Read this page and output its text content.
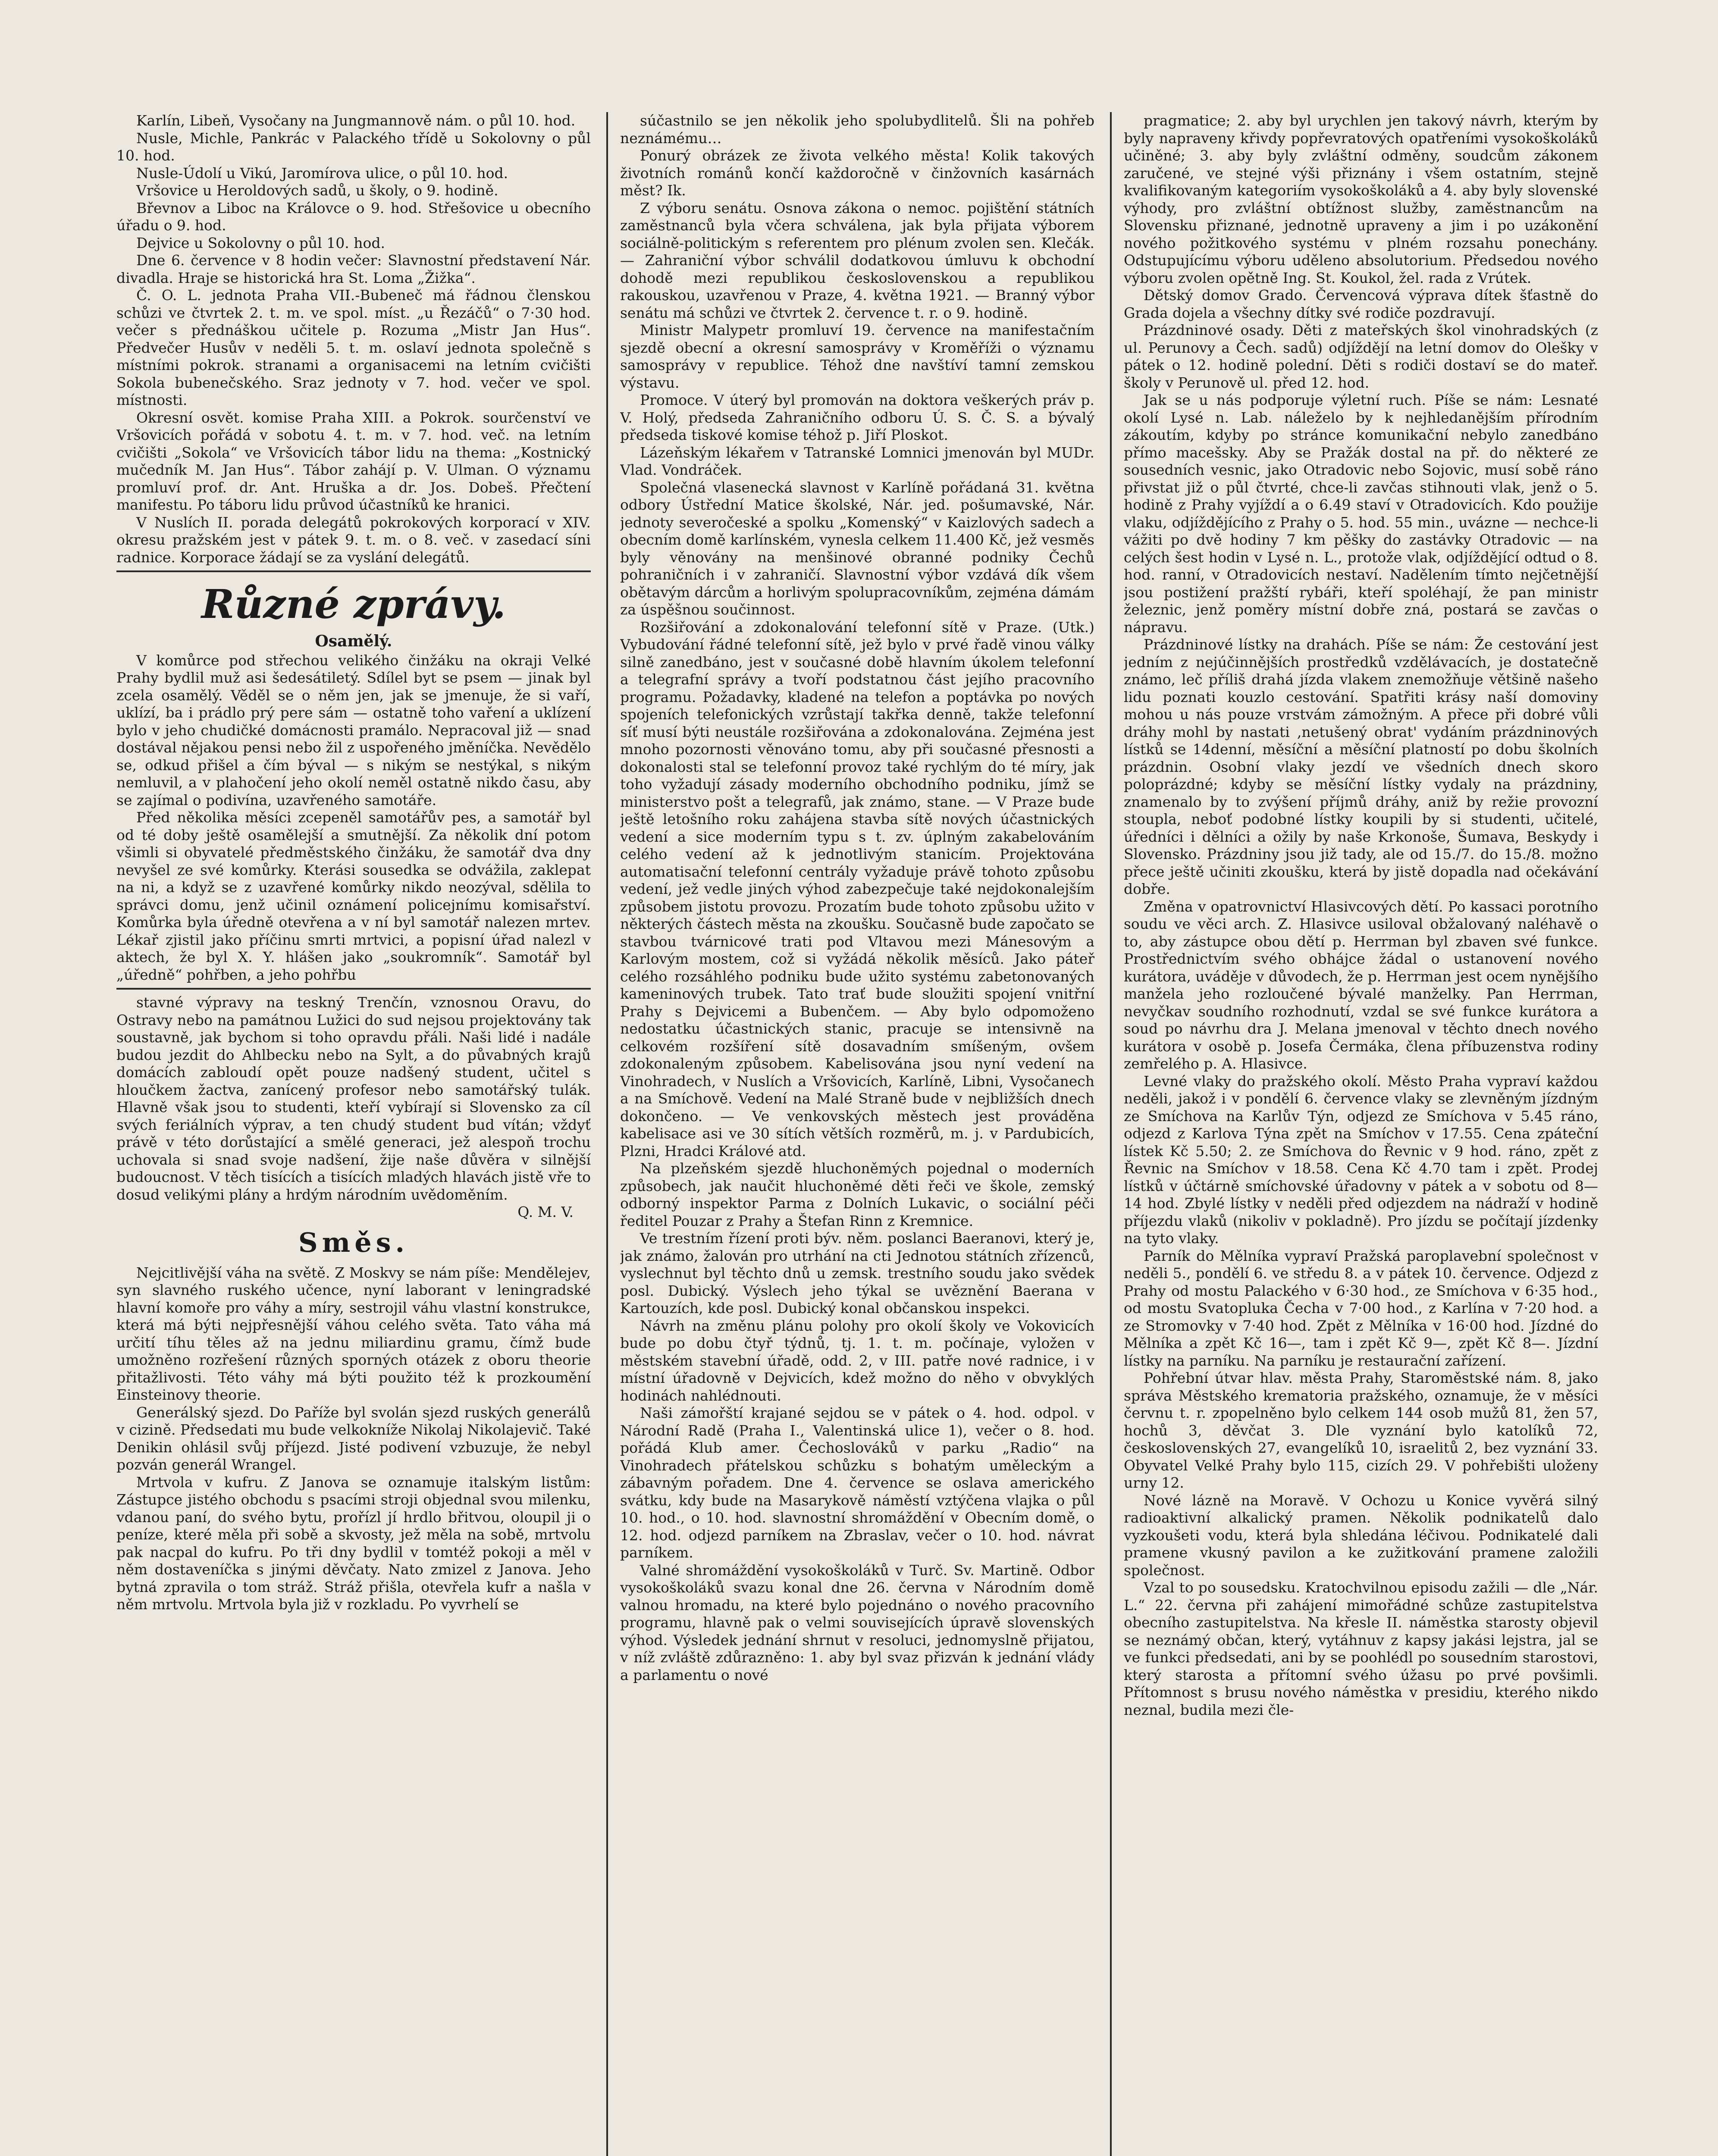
Karlín, Libeň, Vysočany na Jungmannově nám. o půl 10. hod.

Nusle, Michle, Pankrác v Palackého třídě u Sokolovny o půl 10. hod.

Nusle-Údolí u Vikú, Jaromírova ulice, o půl 10. hod.

Vršovice u Heroldových sadů, u školy, o 9. hodině.

Břevnov a Liboc na Královce o 9. hod. Střešovice u obecního úřadu o 9. hod.

Dejvice u Sokolovny o půl 10. hod.

Dne 6. července v 8 hodin večer: Slavnostní představení Nár. divadla. Hraje se historická hra St. Loma „Žižka“.

Č. O. L. jednota Praha VII.-Bubeneč má řádnou členskou schůzi ve čtvrtek 2. t. m. ve spol. míst. „u Řezáčů“ o 7·30 hod. večer s přednáškou učitele p. Rozuma „Mistr Jan Hus“. Předvečer Husův v neděli 5. t. m. oslaví jednota společně s místními pokrok. stranami a organisacemi na letním cvičišti Sokola bubenečského. Sraz jednoty v 7. hod. večer ve spol. místnosti.

Okresní osvět. komise Praha XIII. a Pokrok. sourčenství ve Vršovicích pořádá v sobotu 4. t. m. v 7. hod. več. na letním cvičišti „Sokola“ ve Vršovicích tábor lidu na thema: „Kostnický mučedník M. Jan Hus“. Tábor zahájí p. V. Ulman. O významu promluví prof. dr. Ant. Hruška a dr. Jos. Dobeš. Přečtení manifestu. Po táboru lidu průvod účastníků ke hranici.

V Nuslích II. porada delegátů pokrokových korporací v XIV. okresu pražském jest v pátek 9. t. m. o 8. več. v zasedací síni radnice. Korporace žádají se za vyslání delegátů.

Různé zprávy.

Osamělý.

V komůrce pod střechou velikého činžáku na okraji Velké Prahy bydlil muž asi šedesátiletý. Sdílel byt se psem — jinak byl zcela osamělý. Věděl se o něm jen, jak se jmenuje, že si vaří, uklízí, ba i prádlo prý pere sám — ostatně toho vaření a uklízení bylo v jeho chudičké domácnosti pramálo. Nepracoval již — snad dostával nějakou pensi nebo žil z uspořeného jměníčka. Nevědělo se, odkud přišel a čím býval — s nikým se nestýkal, s nikým nemluvil, a v plahočení jeho okolí neměl ostatně nikdo času, aby se zajímal o podivína, uzavřeného samotáře.

Před několika měsíci zcepeněl samotářův pes, a samotář byl od té doby ještě osamělejší a smutnější. Za několik dní potom všimli si obyvatelé předměstského činžáku, že samotář dva dny nevyšel ze své komůrky. Kterási sousedka se odvážila, zaklepat na ni, a když se z uzavřené komůrky nikdo neozýval, sdělila to správci domu, jenž učinil oznámení policejnímu komisařství. Komůrka byla úředně otevřena a v ní byl samotář nalezen mrtev. Lékař zjistil jako příčinu smrti mrtvici, a popisní úřad nalezl v aktech, že byl X. Y. hlášen jako „soukromník“. Samotář byl „úředně“ pohřben, a jeho pohřbu

stavné výpravy na teskný Trenčín, vznosnou Oravu, do Ostravy nebo na památnou Lužici do sud nejsou projektovány tak soustavně, jak bychom si toho opravdu přáli. Naši lidé i nadále budou jezdit do Ahlbecku nebo na Sylt, a do půvabných krajů domácích zabloudí opět pouze nadšený student, učitel s hloučkem žactva, zanícený profesor nebo samotářský tulák. Hlavně však jsou to studenti, kteří vybírají si Slovensko za cíl svých feriálních výprav, a ten chudý student bud vítán; vždyť právě v této dorůstající a smělé generaci, jež alespoň trochu uchovala si snad svoje nadšení, žije naše důvěra v silnější budoucnost. V těch tisících a tisících mladých hlavách jistě vře to dosud velikými plány a hrdým národním uvědoměním.

Q. M. V.

Směs.

Nejcitlivější váha na světě. Z Moskvy se nám píše: Mendělejev, syn slavného ruského učence, nyní laborant v leningradské hlavní komoře pro váhy a míry, sestrojil váhu vlastní konstrukce, která má býti nejpřesnější váhou celého světa. Tato váha má určití tíhu těles až na jednu miliardinu gramu, čímž bude umožněno rozřešení různých sporných otázek z oboru theorie přitažlivosti. Této váhy má býti použito též k prozkoumění Einsteinovy theorie.

Generálský sjezd. Do Paříže byl svolán sjezd ruských generálů v cizině. Předsedati mu bude velkokníže Nikolaj Nikolajevič. Také Denikin ohlásil svůj příjezd. Jisté podivení vzbuzuje, že nebyl pozván generál Wrangel.

Mrtvola v kufru. Z Janova se oznamuje italským listům: Zástupce jistého obchodu s psacími stroji objednal svou milenku, vdanou paní, do svého bytu, prořízl jí hrdlo břitvou, oloupil ji o peníze, které měla při sobě a skvosty, jež měla na sobě, mrtvolu pak nacpal do kufru. Po tři dny bydlil v tomtéž pokoji a měl v něm dostaveníčka s jinými děvčaty. Nato zmizel z Janova. Jeho bytná zpravila o tom stráž. Stráž přišla, otevřela kufr a našla v něm mrtvolu. Mrtvola byla již v rozkladu. Po vyvrhelí se

súčastnilo se jen několik jeho spolubydlitelů. Šli na pohřeb neznámému…

Ponurý obrázek ze života velkého města! Kolik takových životních románů končí každoročně v činžovních kasárnách měst? Ik.

Z výboru senátu. Osnova zákona o nemoc. pojištění státních zaměstnanců byla včera schválena, jak byla přijata výborem sociálně-politickým s referentem pro plénum zvolen sen. Klečák. — Zahraniční výbor schválil dodatkovou úmluvu k obchodní dohodě mezi republikou československou a republikou rakouskou, uzavřenou v Praze, 4. května 1921. — Branný výbor senátu má schůzi ve čtvrtek 2. července t. r. o 9. hodině.

Ministr Malypetr promluví 19. července na manifestačním sjezdě obecní a okresní samosprávy v Kroměříži o významu samosprávy v republice. Téhož dne navštíví tamní zemskou výstavu.

Promoce. V úterý byl promován na doktora veškerých práv p. V. Holý, předseda Zahraničního odboru Ú. S. Č. S. a bývalý předseda tiskové komise téhož p. Jiří Ploskot.

Lázeňským lékařem v Tatranské Lomnici jmenován byl MUDr. Vlad. Vondráček.

Společná vlasenecká slavnost v Karlíně pořádaná 31. května odbory Ústřední Matice školské, Nár. jed. pošumavské, Nár. jednoty severočeské a spolku „Komenský“ v Kaizlových sadech a obecním domě karlínském, vynesla celkem 11.400 Kč, jež vesměs byly věnovány na menšinové obranné podniky Čechů pohraničních i v zahraničí. Slavnostní výbor vzdává dík všem obětavým dárcům a horlivým spolupracovníkům, zejména dámám za úspěšnou součinnost.

Rozšiřování a zdokonalování telefonní sítě v Praze. (Utk.) Vybudování řádné telefonní sítě, jež bylo v prvé řadě vinou války silně zanedbáno, jest v současné době hlavním úkolem telefonní a telegrafní správy a tvoří podstatnou část jejího pracovního programu. Požadavky, kladené na telefon a poptávka po nových spojeních telefonických vzrůstají takřka denně, takže telefonní síť musí býti neustále rozšiřována a zdokonalována. Zejména jest mnoho pozornosti věnováno tomu, aby při současné přesnosti a dokonalosti stal se telefonní provoz také rychlým do té míry, jak toho vyžadují zásady moderního obchodního podniku, jímž se ministerstvo pošt a telegrafů, jak známo, stane. — V Praze bude ještě letošního roku zahájena stavba sítě nových účastnických vedení a sice moderním typu s t. zv. úplným zakabelováním celého vedení až k jednotlivým stanicím. Projektována automatisační telefonní centrály vyžaduje právě tohoto způsobu vedení, jež vedle jiných výhod zabezpečuje také nejdokonalejším způsobem jistotu provozu. Prozatím bude tohoto způsobu užito v některých částech města na zkoušku. Současně bude započato se stavbou tvárnicové trati pod Vltavou mezi Mánesovým a Karlovým mostem, což si vyžádá několik měsíců. Jako páteř celého rozsáhlého podniku bude užito systému zabetonovaných kameninových trubek. Tato trať bude sloužiti spojení vnitřní Prahy s Dejvicemi a Bubenčem. — Aby bylo odpomoženo nedostatku účastnických stanic, pracuje se intensivně na celkovém rozšíření sítě dosavadním smíšeným, ovšem zdokonaleným způsobem. Kabelisována jsou nyní vedení na Vinohradech, v Nuslích a Vršovicích, Karlíně, Libni, Vysočanech a na Smíchově. Vedení na Malé Straně bude v nejbližších dnech dokončeno. — Ve venkovských městech jest prováděna kabelisace asi ve 30 sítích větších rozměrů, m. j. v Pardubicích, Plzni, Hradci Králové atd.

Na plzeňském sjezdě hluchoněmých pojednal o moderních způsobech, jak naučit hluchoněmé děti řeči ve škole, zemský odborný inspektor Parma z Dolních Lukavic, o sociální péči ředitel Pouzar z Prahy a Štefan Rinn z Kremnice.

Ve trestním řízení proti býv. něm. poslanci Baeranovi, který je, jak známo, žalován pro utrhání na cti Jednotou státních zřízenců, vyslechnut byl těchto dnů u zemsk. trestního soudu jako svědek posl. Dubický. Výslech jeho týkal se uvěznění Baerana v Kartouzích, kde posl. Dubický konal občanskou inspekci.

Návrh na změnu plánu polohy pro okolí školy ve Vokovicích bude po dobu čtyř týdnů, tj. 1. t. m. počínaje, vyložen v městském stavební úřadě, odd. 2, v III. patře nové radnice, i v místní úřadovně v Dejvicích, kdež možno do něho v obvyklých hodinách nahlédnouti.

Naši zámořští krajané sejdou se v pátek o 4. hod. odpol. v Národní Radě (Praha I., Valentinská ulice 1), večer o 8. hod. pořádá Klub amer. Čechoslováků v parku „Radio“ na Vinohradech přátelskou schůzku s bohatým uměleckým a zábavným pořadem. Dne 4. července se oslava amerického svátku, kdy bude na Masarykově náměstí vztýčena vlajka o půl 10. hod., o 10. hod. slavnostní shromáždění v Obecním domě, o 12. hod. odjezd parníkem na Zbraslav, večer o 10. hod. návrat parníkem.

Valné shromáždění vysokoškoláků v Turč. Sv. Martině. Odbor vysokoškoláků svazu konal dne 26. června v Národním domě valnou hromadu, na které bylo pojednáno o nového pracovního programu, hlavně pak o velmi souvisejících úpravě slovenských výhod. Výsledek jednání shrnut v resoluci, jednomyslně přijatou, v níž zvláště zdůrazněno: 1. aby byl svaz přizván k jednání vlády a parlamentu o nové

pragmatice; 2. aby byl urychlen jen takový návrh, kterým by byly napraveny křivdy popřevratových opatřeními vysokoškoláků učiněné; 3. aby byly zvláštní odměny, soudcům zákonem zaručené, ve stejné výši přiznány i všem ostatním, stejně kvalifikovaným kategoriím vysokoškoláků a 4. aby byly slovenské výhody, pro zvláštní obtížnost služby, zaměstnancům na Slovensku přiznané, jednotně upraveny a jim i po uzákonění nového požitkového systému v plném rozsahu ponechány. Odstupujícímu výboru uděleno absolutorium. Předsedou nového výboru zvolen opětně Ing. St. Koukol, žel. rada z Vrútek.

Dětský domov Grado. Červencová výprava dítek šťastně do Grada dojela a všechny dítky své rodiče pozdravují.

Prázdninové osady. Děti z mateřských škol vinohradských (z ul. Perunovy a Čech. sadů) odjíždějí na letní domov do Olešky v pátek o 12. hodině polední. Děti s rodiči dostaví se do mateř. školy v Perunově ul. před 12. hod.

Jak se u nás podporuje výletní ruch. Píše se nám: Lesnaté okolí Lysé n. Lab. náleželo by k nejhledanějším přírodním zákoutím, kdyby po stránce komunikační nebylo zanedbáno přímo macešsky. Aby se Pražák dostal na př. do některé ze sousedních vesnic, jako Otradovic nebo Sojovic, musí sobě ráno přivstat již o půl čtvrté, chce-li zavčas stihnouti vlak, jenž o 5. hodině z Prahy vyjíždí a o 6.49 staví v Otradovicích. Kdo použije vlaku, odjíždějícího z Prahy o 5. hod. 55 min., uvázne — nechce-li vážiti po dvě hodiny 7 km pěšky do zastávky Otradovic — na celých šest hodin v Lysé n. L., protože vlak, odjíždějící odtud o 8. hod. ranní, v Otradovicích nestaví. Nadělením tímto nejčetnější jsou postižení pražští rybáři, kteří spoléhají, že pan ministr železnic, jenž poměry místní dobře zná, postará se zavčas o nápravu.

Prázdninové lístky na drahách. Píše se nám: Že cestování jest jedním z nejúčinnějších prostředků vzdělávacích, je dostatečně známo, leč příliš drahá jízda vlakem znemožňuje většině našeho lidu poznati kouzlo cestování. Spatřiti krásy naší domoviny mohou u nás pouze vrstvám zámožným. A přece při dobré vůli dráhy mohl by nastati ,netušený obrat' vydáním prázdninových lístků se 14denní, měsíční a měsíční platností po dobu školních prázdnin. Osobní vlaky jezdí ve všedních dnech skoro poloprázdné; kdyby se měsíční lístky vydaly na prázdniny, znamenalo by to zvýšení příjmů dráhy, aniž by režie provozní stoupla, neboť podobné lístky koupili by si studenti, učitelé, úředníci i dělníci a ožily by naše Krkonoše, Šumava, Beskydy i Slovensko. Prázdniny jsou již tady, ale od 15./7. do 15./8. možno přece ještě učiniti zkoušku, která by jistě dopadla nad očekávání dobře.

Změna v opatrovnictví Hlasivcových dětí. Po kassaci porotního soudu ve věci arch. Z. Hlasivce usiloval obžalovaný naléhavě o to, aby zástupce obou dětí p. Herrman byl zbaven své funkce. Prostřednictvím svého obhájce žádal o ustanovení nového kurátora, uváděje v důvodech, že p. Herrman jest ocem nynějšího manžela jeho rozloučené bývalé manželky. Pan Herrman, nevyčkav soudního rozhodnutí, vzdal se své funkce kurátora a soud po návrhu dra J. Melana jmenoval v těchto dnech nového kurátora v osobě p. Josefa Čermáka, člena příbuzenstva rodiny zemřelého p. A. Hlasivce.

Levné vlaky do pražského okolí. Město Praha vypraví každou neděli, jakož i v pondělí 6. července vlaky se zlevněným jízdným ze Smíchova na Karlův Týn, odjezd ze Smíchova v 5.45 ráno, odjezd z Karlova Týna zpět na Smíchov v 17.55. Cena zpáteční lístek Kč 5.50; 2. ze Smíchova do Řevnic v 9 hod. ráno, zpět z Řevnic na Smíchov v 18.58. Cena Kč 4.70 tam i zpět. Prodej lístků v účtárně smíchovské úřadovny v pátek a v sobotu od 8—14 hod. Zbylé lístky v neděli před odjezdem na nádraží v hodině příjezdu vlaků (nikoliv v pokladně). Pro jízdu se počítají jízdenky na tyto vlaky.

Parník do Mělníka vypraví Pražská paroplavební společnost v neděli 5., pondělí 6. ve středu 8. a v pátek 10. července. Odjezd z Prahy od mostu Palackého v 6·30 hod., ze Smíchova v 6·35 hod., od mostu Svatopluka Čecha v 7·00 hod., z Karlína v 7·20 hod. a ze Stromovky v 7·40 hod. Zpět z Mělníka v 16·00 hod. Jízdné do Mělníka a zpět Kč 16—, tam i zpět Kč 9—, zpět Kč 8—. Jízdní lístky na parníku. Na parníku je restaurační zařízení.

Pohřební útvar hlav. města Prahy, Staroměstské nám. 8, jako správa Městského krematoria pražského, oznamuje, že v měsíci červnu t. r. zpopelněno bylo celkem 144 osob mužů 81, žen 57, hochů 3, děvčat 3. Dle vyznání bylo katolíků 72, československých 27, evangelíků 10, israelitů 2, bez vyznání 33. Obyvatel Velké Prahy bylo 115, cizích 29. V pohřebišti uloženy urny 12.

Nové lázně na Moravě. V Ochozu u Konice vyvěrá silný radioaktivní alkalický pramen. Několik podnikatelů dalo vyzkoušeti vodu, která byla shledána léčivou. Podnikatelé dali pramene vkusný pavilon a ke zužitkování pramene založili společnost.

Vzal to po sousedsku. Kratochvilnou episodu zažili — dle „Nár. L.“ 22. června při zahájení mimořádné schůze zastupitelstva obecního zastupitelstva. Na křesle II. náměstka starosty objevil se neznámý občan, který, vytáhnuv z kapsy jakási lejstra, jal se ve funkci předsedati, ani by se poohlédl po sousedním starostovi, který starosta a přítomní svého úžasu po prvé povšimli. Přítomnost s brusu nového náměstka v presidiu, kterého nikdo neznal, budila mezi čle-
